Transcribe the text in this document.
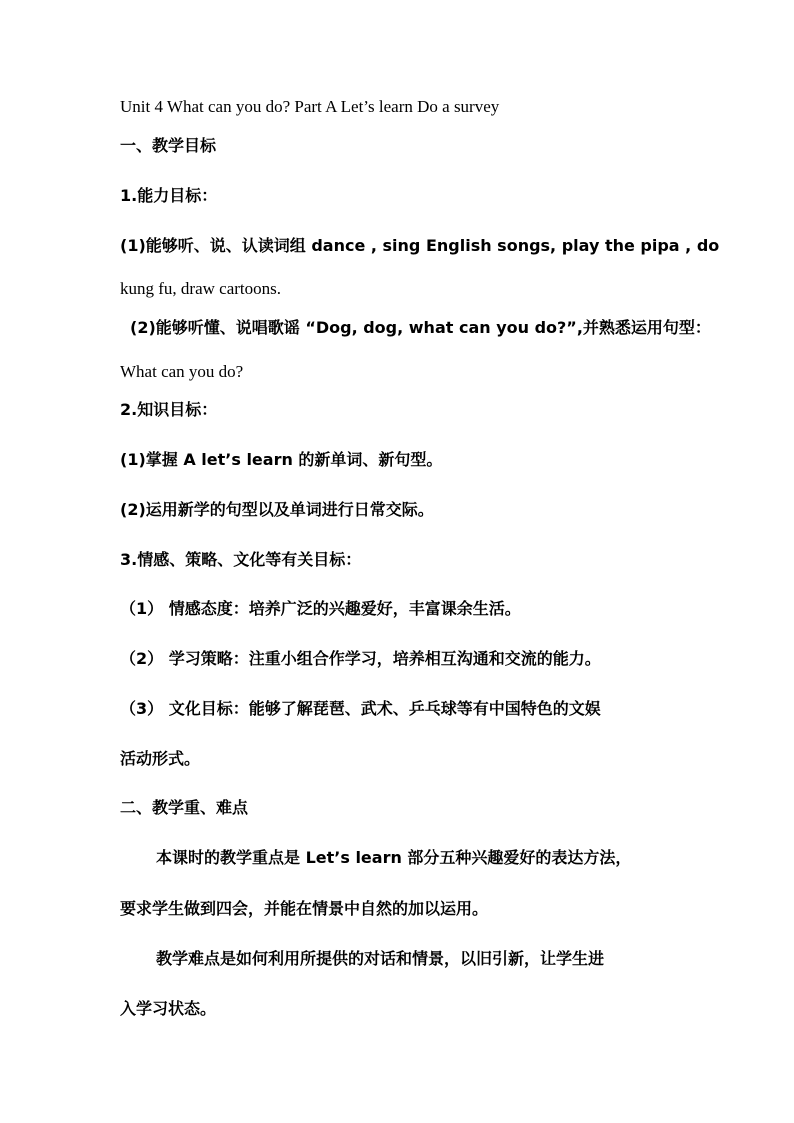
Unit 4 What can you do? Part A Let’s learn Do a survey
一、教学目标
1.能力目标：
(1)能够听、说、认读词组 dance , sing English songs, play the pipa , do
kung fu, draw cartoons.
(2)能够听懂、说唱歌谣 “Dog, dog, what can you do?”,并熟悉运用句型：
What can you do?
2.知识目标：
(1)掌握 A let’s learn 的新单词、新句型。
(2)运用新学的句型以及单词进行日常交际。
3.情感、策略、文化等有关目标：
（1） 情感态度：培养广泛的兴趣爱好，丰富课余生活。
（2） 学习策略：注重小组合作学习，培养相互沟通和交流的能力。
（3） 文化目标：能够了解琵琶、武术、乒乓球等有中国特色的文娱
活动形式。
二、教学重、难点
本课时的教学重点是 Let’s learn 部分五种兴趣爱好的表达方法，
要求学生做到四会，并能在情景中自然的加以运用。
教学难点是如何利用所提供的对话和情景，以旧引新，让学生进
入学习状态。
